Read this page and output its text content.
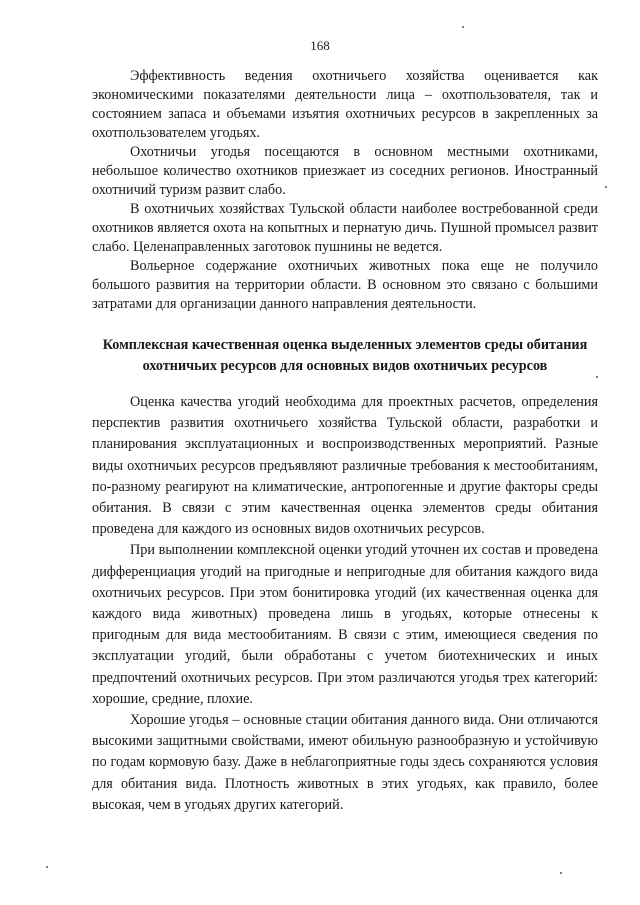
168

Эффективность ведения охотничьего хозяйства оценивается как экономическими показателями деятельности лица – охотпользователя, так и состоянием запаса и объемами изъятия охотничьих ресурсов в закрепленных за охотпользователем угодьях.

Охотничьи угодья посещаются в основном местными охотниками, небольшое количество охотников приезжает из соседних регионов. Иностранный охотничий туризм развит слабо.

В охотничьих хозяйствах Тульской области наиболее востребованной среди охотников является охота на копытных и пернатую дичь. Пушной промысел развит слабо. Целенаправленных заготовок пушнины не ведется.

Вольерное содержание охотничьих животных пока еще не получило большого развития на территории области. В основном это связано с большими затратами для организации данного направления деятельности.

Комплексная качественная оценка выделенных элементов среды обитания
охотничьих ресурсов для основных видов охотничьих ресурсов

Оценка качества угодий необходима для проектных расчетов, определения перспектив развития охотничьего хозяйства Тульской области, разработки и планирования эксплуатационных и воспроизводственных мероприятий. Разные виды охотничьих ресурсов предъявляют различные требования к местообитаниям, по-разному реагируют на климатические, антропогенные и другие факторы среды обитания. В связи с этим качественная оценка элементов среды обитания проведена для каждого из основных видов охотничьих ресурсов.

При выполнении комплексной оценки угодий уточнен их состав и проведена дифференциация угодий на пригодные и непригодные для обитания каждого вида охотничьих ресурсов. При этом бонитировка угодий (их качественная оценка для каждого вида животных) проведена лишь в угодьях, которые отнесены к пригодным для вида местообитаниям. В связи с этим, имеющиеся сведения по эксплуатации угодий, были обработаны с учетом биотехнических и иных предпочтений охотничьих ресурсов. При этом различаются угодья трех категорий: хорошие, средние, плохие.

Хорошие угодья – основные стации обитания данного вида. Они отличаются высокими защитными свойствами, имеют обильную разнообразную и устойчивую по годам кормовую базу. Даже в неблагоприятные годы здесь сохраняются условия для обитания вида. Плотность животных в этих угодьях, как правило, более высокая, чем в угодьях других категорий.
